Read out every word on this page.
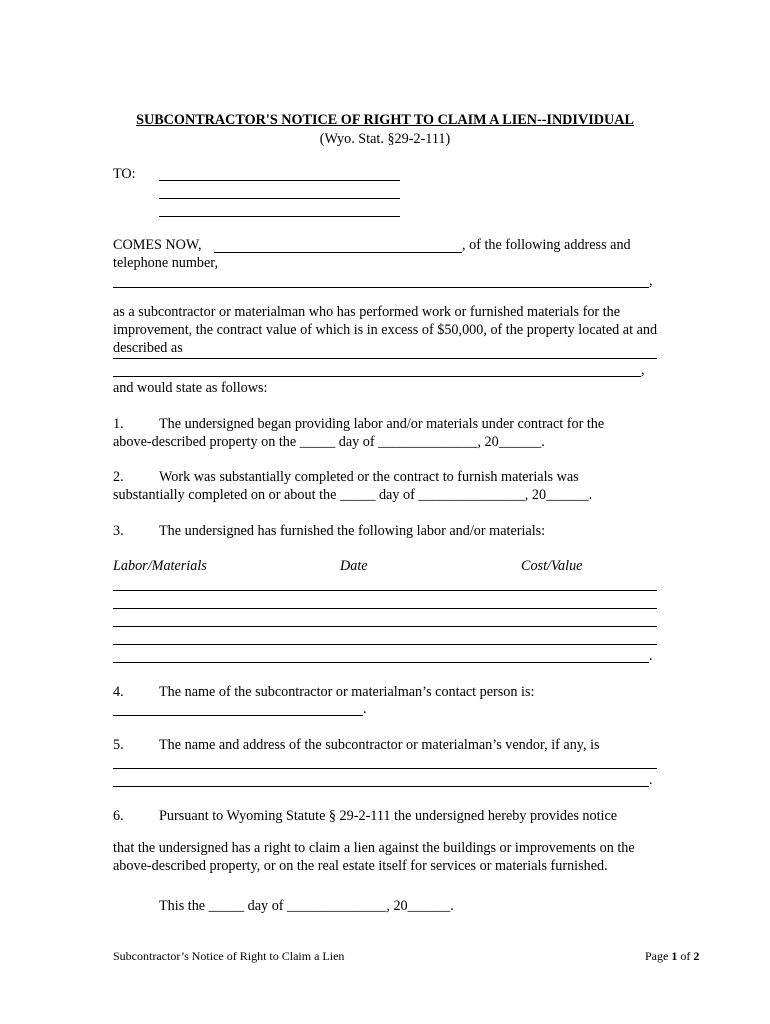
SUBCONTRACTOR'S NOTICE OF RIGHT TO CLAIM A LIEN--INDIVIDUAL

(Wyo. Stat. §29-2-111)

TO:

COMES NOW,	, of the following address and

telephone number,

,

as a subcontractor or materialman who has performed work or furnished materials for the improvement, the contract value of which is in excess of $50,000, of the property located at and described as

,

and would state as follows:

1. The undersigned began providing labor and/or materials under contract for the

above-described property on the _____ day of ______________, 20______.

2. Work was substantially completed or the contract to furnish materials was

substantially completed on or about the _____ day of _______________, 20______.

3. The undersigned has furnished the following labor and/or materials:

Labor/Materials	Date	Cost/Value

.

4. The name of the subcontractor or materialman’s contact person is:

.

5. The name and address of the subcontractor or materialman’s vendor, if any, is

.

6. Pursuant to Wyoming Statute § 29-2-111 the undersigned hereby provides notice

that the undersigned has a right to claim a lien against the buildings or improvements on the above-described property, or on the real estate itself for services or materials furnished.

This the _____ day of ______________, 20______.

Subcontractor’s Notice of Right to Claim a Lien	Page 1 of 2
